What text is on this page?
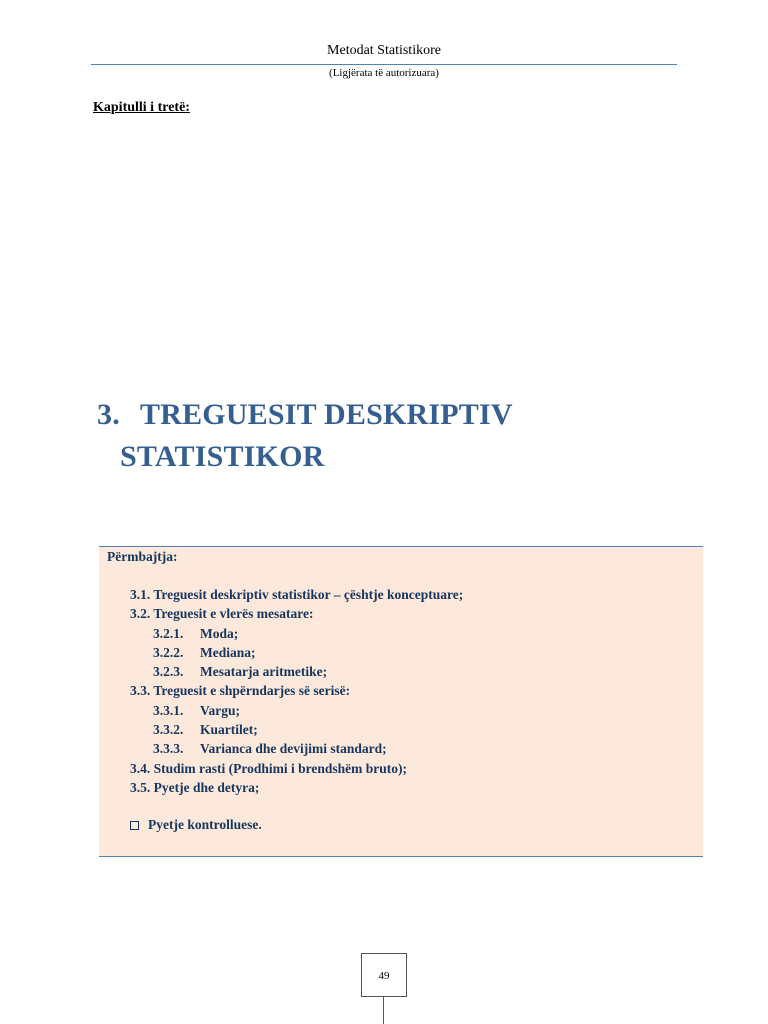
Metodat Statistikore
(Ligjërata të autorizuara)
Kapitulli i tretë:
3. TREGUESIT DESKRIPTIV
STATISTIKOR
Përmbajtja:
3.1. Treguesit deskriptiv statistikor – çështje konceptuare;
3.2. Treguesit e vlerës mesatare:
3.2.1. Moda;
3.2.2. Mediana;
3.2.3. Mesatarja aritmetike;
3.3. Treguesit e shpërndarjes së serisë:
3.3.1. Vargu;
3.3.2. Kuartilet;
3.3.3. Varianca dhe devijimi standard;
3.4. Studim rasti (Prodhimi i brendshëm bruto);
3.5. Pyetje dhe detyra;
Pyetje kontrolluese.
49
